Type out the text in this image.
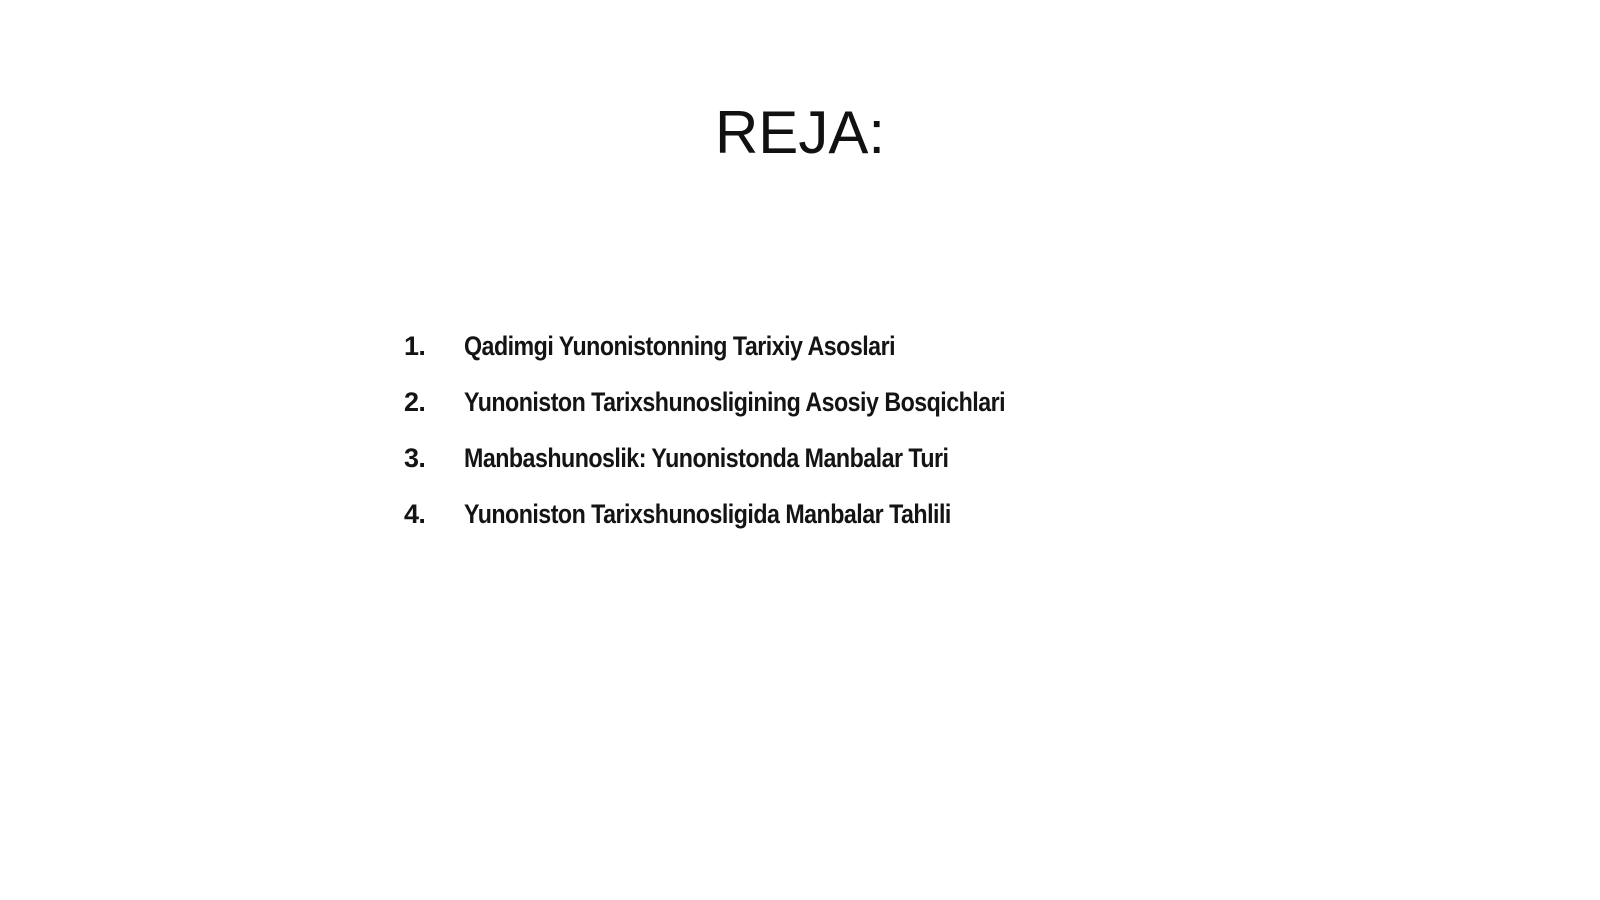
REJA:
1.	Qadimgi Yunonistonning Tarixiy Asoslari
2.	Yunoniston Tarixshunosligining Asosiy Bosqichlari
3.	Manbashunoslik: Yunonistonda Manbalar Turi
4.	Yunoniston Tarixshunosligida Manbalar Tahlili
